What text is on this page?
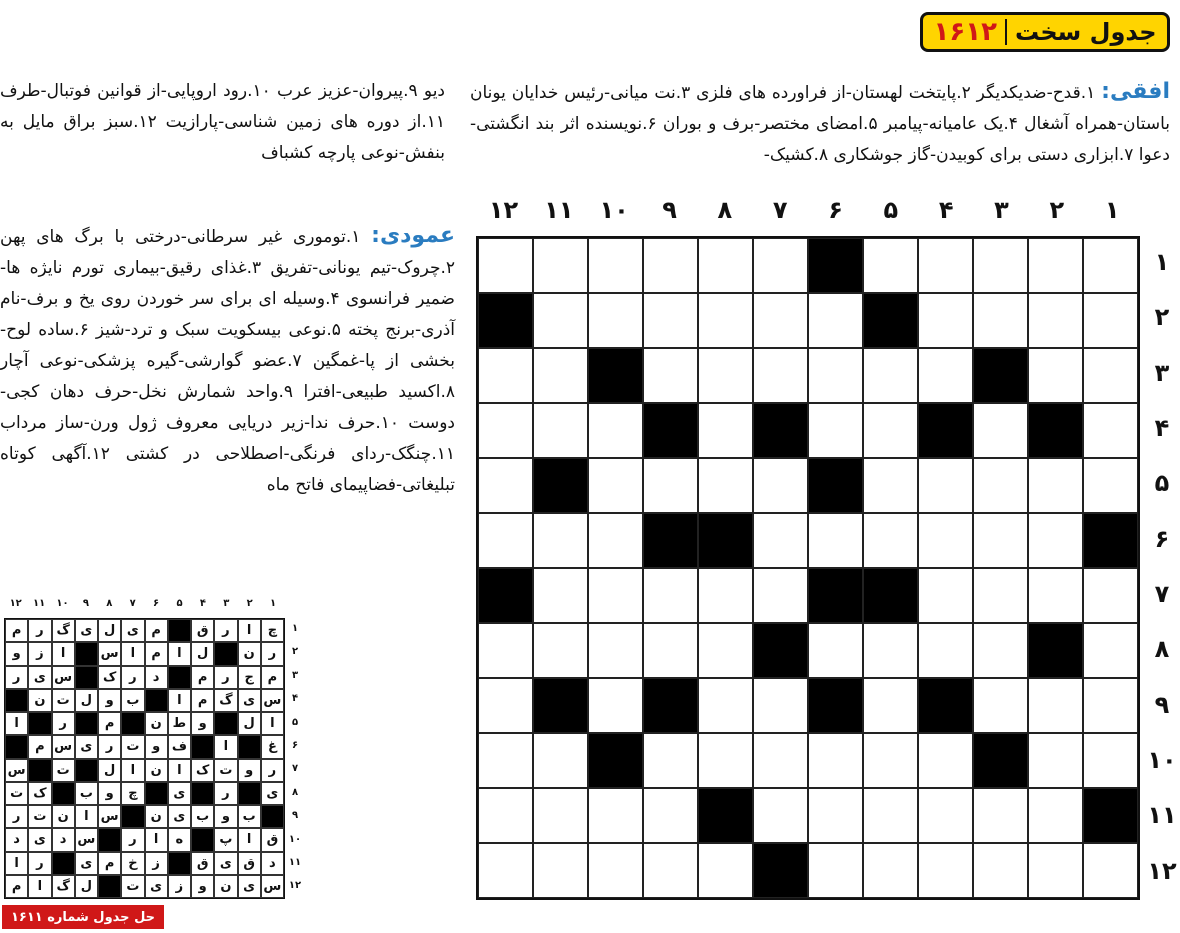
جدول سخت
۱۶۱۲
افقی: ۱.قدح-ضدیکدیگر ۲.پایتخت لهستان-از فراورده های فلزی ۳.نت میانی-رئیس خدایان یونان باستان-همراه آشغال ۴.یک عامیانه-پیامبر ۵.امضای مختصر-برف و بوران ۶.نویسنده اثر بند انگشتی-دعوا ۷.ابزاری دستی برای کوبیدن-گاز جوشکاری ۸.کشیک-
دیو ۹.پیروان-عزیز عرب ۱۰.رود اروپایی-از قوانین فوتبال-طرف ۱۱.از دوره های زمین شناسی-پارازیت ۱۲.سبز براق مایل به بنفش-نوعی پارچه کشباف
عمودی: ۱.توموری غیر سرطانی-درختی با برگ های پهن ۲.چروک-تیم یونانی-تفریق ۳.غذای رقیق-بیماری تورم نایژه ها-ضمیر فرانسوی ۴.وسیله ای برای سر خوردن روی یخ و برف-نام آذری-برنج پخته ۵.نوعی بیسکویت سبک و ترد-شیز ۶.ساده لوح-بخشی از پا-غمگین ۷.عضو گوارشی-گیره پزشکی-نوعی آچار ۸.اکسید طبیعی-افترا ۹.واحد شمارش نخل-حرف دهان کجی-دوست ۱۰.حرف ندا-زیر دریایی معروف ژول ورن-ساز مرداب ۱۱.چنگک-ردای فرنگی-اصطلاحی در کشتی ۱۲.آگهی کوتاه تبلیغاتی-فضاپیمای فاتح ماه
۱
۲
۳
۴
۵
۶
۷
۸
۹
۱۰
۱۱
۱۲
۱
۲
۳
۴
۵
۶
۷
۸
۹
۱۰
۱۱
۱۲
۱
۲
۳
۴
۵
۶
۷
۸
۹
۱۰
۱۱
۱۲
۱
۲
۳
۴
۵
۶
۷
۸
۹
۱۰
۱۱
۱۲
چ
ا
ر
ق
م
ی
ل
ی
گ
ر
م
ر
ن
ل
ا
م
ا
س
ا
ز
و
م
ج
ر
م
د
ر
ک
س
ی
ر
س
ی
گ
م
ا
ب
و
ل
ت
ن
ا
ل
و
ط
ن
م
ر
ا
غ
ا
ف
و
ت
ر
ی
س
م
ر
و
ت
ک
ا
ن
ا
ل
ت
س
ی
ر
ی
چ
و
ب
ک
ت
ب
و
ب
ی
ن
س
ا
ن
ت
ر
ق
ا
پ
ه
ا
ر
س
د
ی
د
د
ق
ی
ق
ز
خ
م
ی
ر
ا
س
ی
ن
و
ز
ی
ت
ل
گ
ا
م
حل جدول شماره ۱۶۱۱
